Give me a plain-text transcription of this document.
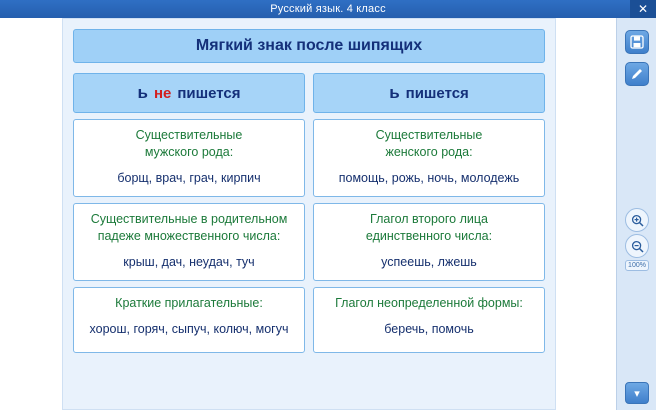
Русский язык. 4 класс	✕
Мягкий знак после шипящих
ь не пишется
Существительные
мужского рода:
борщ, врач, грач, кирпич
Существительные в родительном
падеже множественного числа:
крыш, дач, неудач, туч
Краткие прилагательные:
хорош, горяч, сыпуч, колюч, могуч
ь пишется
Существительные
женского рода:
помощь, рожь, ночь, молодежь
Глагол второго лица
единственного числа:
успеешь, лжешь
Глагол неопределенной формы:
беречь, помочь
100%
▾
